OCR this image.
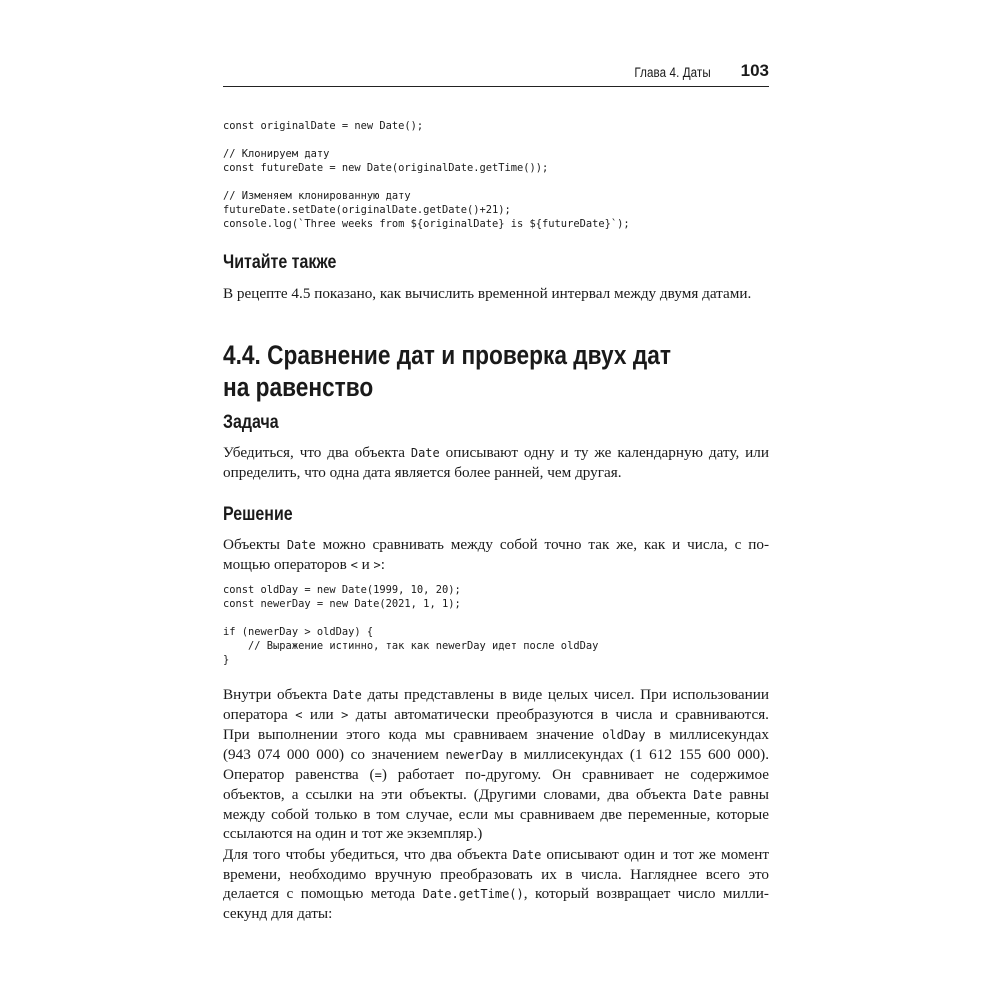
Глава 4. Даты 103
const originalDate = new Date();
// Клонируем дату
const futureDate = new Date(originalDate.getTime());
// Изменяем клонированную дату
futureDate.setDate(originalDate.getDate()+21);
console.log(`Three weeks from ${originalDate} is ${futureDate}`);
Читайте также
В рецепте 4.5 показано, как вычислить временной интервал между двумя датами.
4.4. Сравнение дат и проверка двух дат
на равенство
Задача
Убедиться, что два объекта Date описывают одну и ту же календарную дату, или
определить, что одна дата является более ранней, чем другая.
Решение
Объекты Date можно сравнивать между собой точно так же, как и числа, с по-
мощью операторов < и >:
const oldDay = new Date(1999, 10, 20);
const newerDay = new Date(2021, 1, 1);
if (newerDay > oldDay) {
// Выражение истинно, так как newerDay идет после oldDay
}
Внутри объекта Date даты представлены в виде целых чисел. При использовании
оператора < или > даты автоматически преобразуются в числа и сравниваются.
При выполнении этого кода мы сравниваем значение oldDay в миллисекундах
(943 074 000 000) со значением newerDay в миллисекундах (1 612 155 600 000).
Оператор равенства (=) работает по-другому. Он сравнивает не содержимое
объектов, а ссылки на эти объекты. (Другими словами, два объекта Date равны
между собой только в том случае, если мы сравниваем две переменные, которые
ссылаются на один и тот же экземпляр.)
Для того чтобы убедиться, что два объекта Date описывают один и тот же момент
времени, необходимо вручную преобразовать их в числа. Нагляднее всего это
делается с помощью метода Date.getTime(), который возвращает число милли-
секунд для даты:
